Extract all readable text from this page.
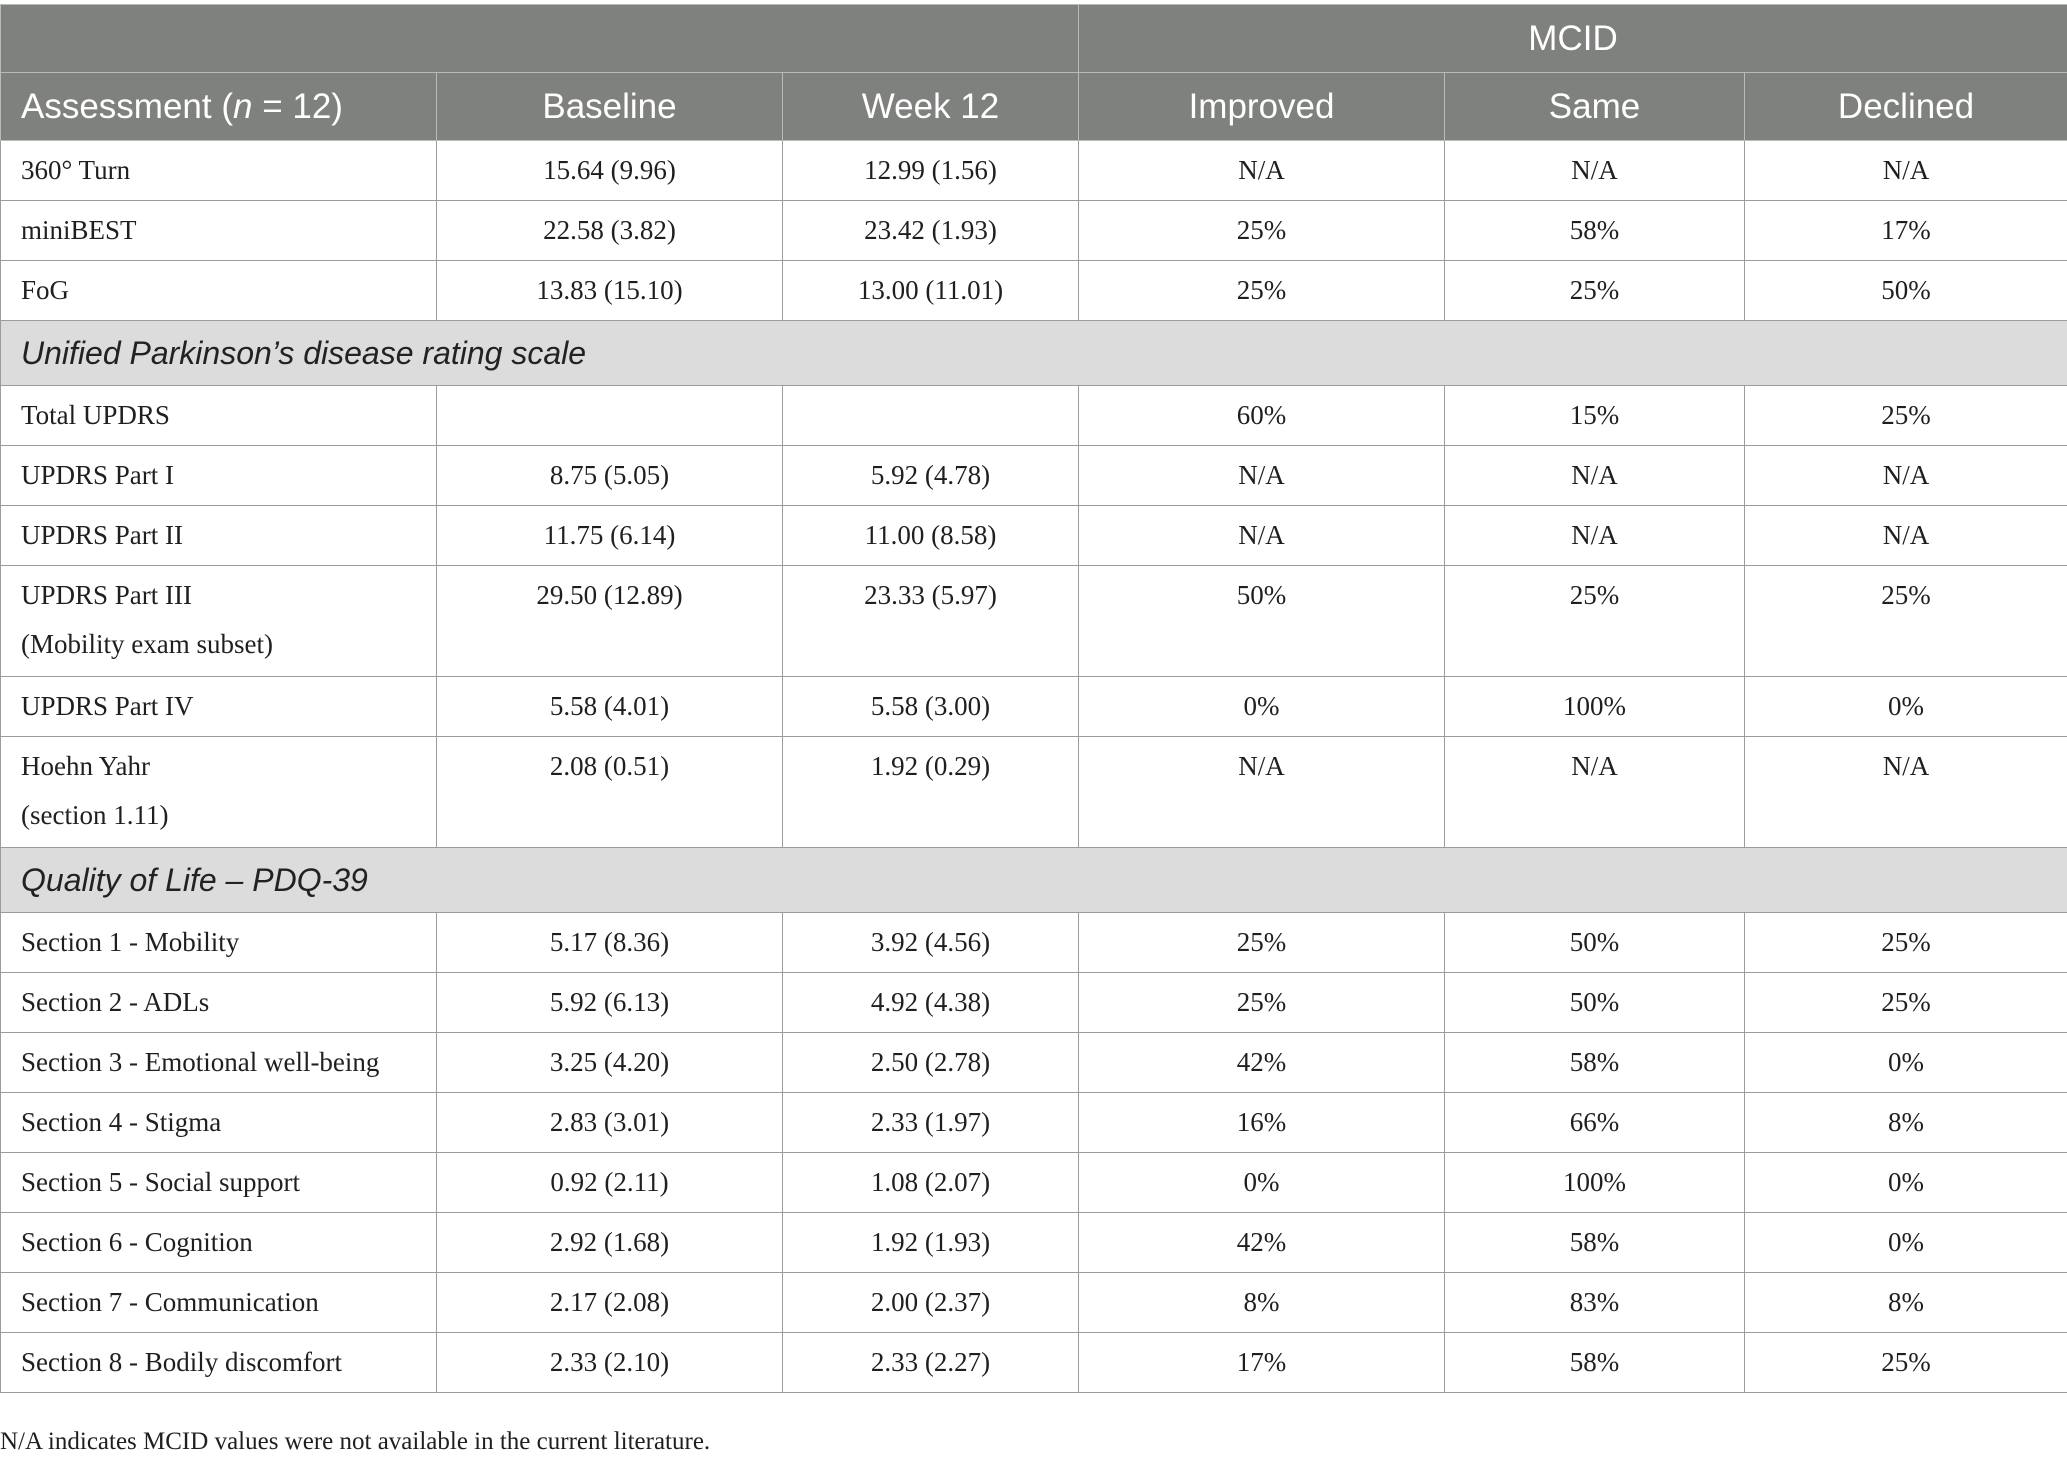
			MCID		
Assessment (n = 12)	Baseline	Week 12	Improved	Same	Declined
360° Turn	15.64 (9.96)	12.99 (1.56)	N/A	N/A	N/A
miniBEST	22.58 (3.82)	23.42 (1.93)	25%	58%	17%
FoG	13.83 (15.10)	13.00 (11.01)	25%	25%	50%
Unified Parkinson’s disease rating scale					
Total UPDRS			60%	15%	25%
UPDRS Part I	8.75 (5.05)	5.92 (4.78)	N/A	N/A	N/A
UPDRS Part II	11.75 (6.14)	11.00 (8.58)	N/A	N/A	N/A

UPDRS Part III
(Mobility exam subset)	29.50 (12.89)	23.33 (5.97)	50%	25%	25%
UPDRS Part IV	5.58 (4.01)	5.58 (3.00)	0%	100%	0%

Hoehn Yahr
(section 1.11)	2.08 (0.51)	1.92 (0.29)	N/A	N/A	N/A
Quality of Life – PDQ-39					
Section 1 - Mobility	5.17 (8.36)	3.92 (4.56)	25%	50%	25%
Section 2 - ADLs	5.92 (6.13)	4.92 (4.38)	25%	50%	25%
Section 3 - Emotional well-being	3.25 (4.20)	2.50 (2.78)	42%	58%	0%
Section 4 - Stigma	2.83 (3.01)	2.33 (1.97)	16%	66%	8%
Section 5 - Social support	0.92 (2.11)	1.08 (2.07)	0%	100%	0%
Section 6 - Cognition	2.92 (1.68)	1.92 (1.93)	42%	58%	0%
Section 7 - Communication	2.17 (2.08)	2.00 (2.37)	8%	83%	8%
Section 8 - Bodily discomfort	2.33 (2.10)	2.33 (2.27)	17%	58%	25%
N/A indicates MCID values were not available in the current literature.
